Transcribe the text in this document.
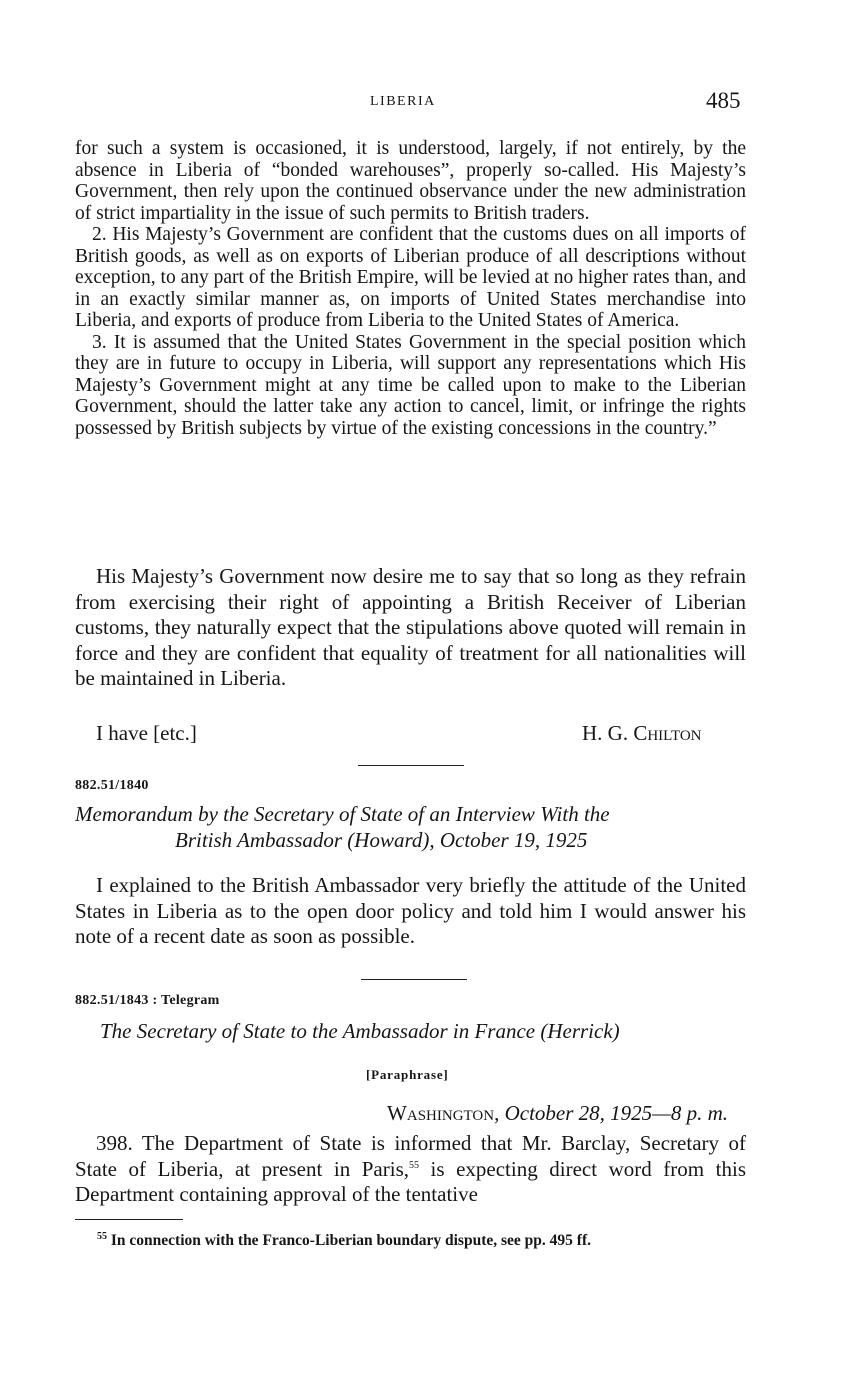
LIBERIA	485

for such a system is occasioned, it is understood, largely, if not entirely, by the absence in Liberia of “bonded warehouses”, properly so-called. His Majesty’s Government, then rely upon the continued observance under the new administration of strict impartiality in the issue of such permits to British traders.

2. His Majesty’s Government are confident that the customs dues on all imports of British goods, as well as on exports of Liberian produce of all descriptions without exception, to any part of the British Empire, will be levied at no higher rates than, and in an exactly similar manner as, on imports of United States merchandise into Liberia, and exports of produce from Liberia to the United States of America.

3. It is assumed that the United States Government in the special position which they are in future to occupy in Liberia, will support any representations which His Majesty’s Government might at any time be called upon to make to the Liberian Government, should the latter take any action to cancel, limit, or infringe the rights possessed by British subjects by virtue of the existing concessions in the country.”

His Majesty’s Government now desire me to say that so long as they refrain from exercising their right of appointing a British Receiver of Liberian customs, they naturally expect that the stipulations above quoted will remain in force and they are confident that equality of treatment for all nationalities will be maintained in Liberia.

I have [etc.]	H. G. Chilton
882.51/1840
Memorandum by the Secretary of State of an Interview With the
British Ambassador (Howard), October 19, 1925

I explained to the British Ambassador very briefly the attitude of the United States in Liberia as to the open door policy and told him I would answer his note of a recent date as soon as possible.

882.51/1843 : Telegram
The Secretary of State to the Ambassador in France (Herrick)
[Paraphrase]
Washington, October 28, 1925—8 p. m.

398. The Department of State is informed that Mr. Barclay, Secretary of State of Liberia, at present in Paris,$^{55}$ is expecting direct word from this Department containing approval of the tentative

$^{55}$ In connection with the Franco-Liberian boundary dispute, see pp. 495 ff.
